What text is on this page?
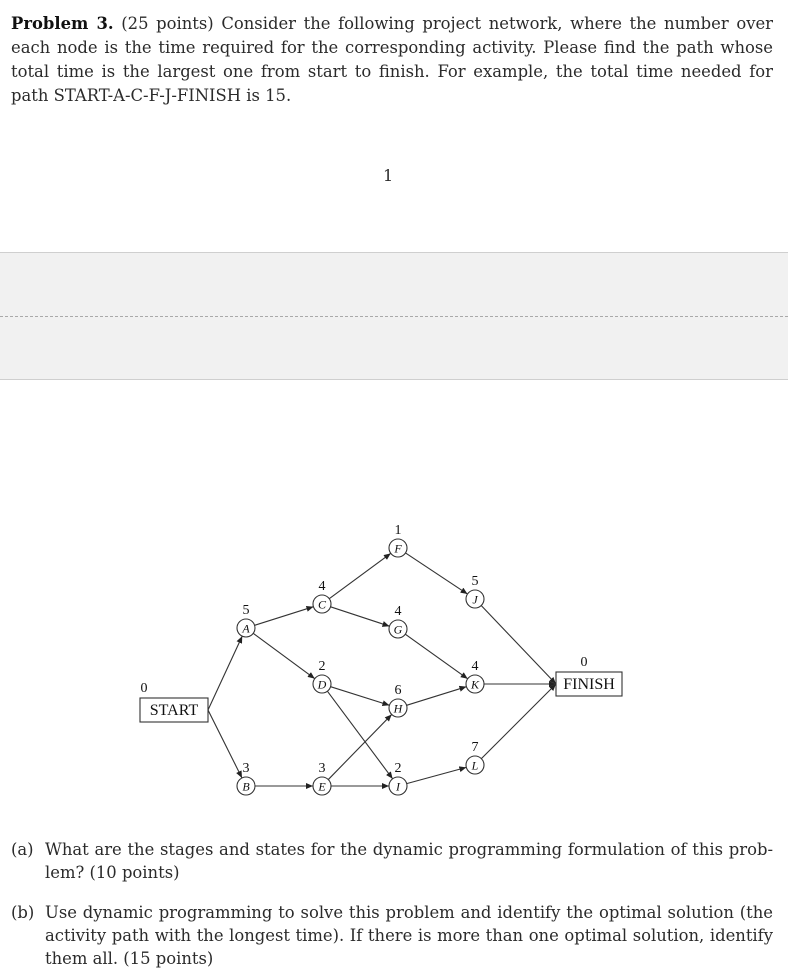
Problem 3. (25 points) Consider the following project network, where the number over each node is the time required for the corresponding activity. Please find the path whose total time is the largest one from start to finish. For example, the total time needed for path START-A-C-F-J-FINISH is 15.
1
A
5
B
3
C
4
D
2
E
3
F
1
G
4
H
6
I
2
J
5
K
4
L
7
START
0	FINISH
0
(a) What are the stages and states for the dynamic programming formulation of this prob-lem? (10 points)
(b) Use dynamic programming to solve this problem and identify the optimal solution (the activity path with the longest time). If there is more than one optimal solution, identify them all. (15 points)
